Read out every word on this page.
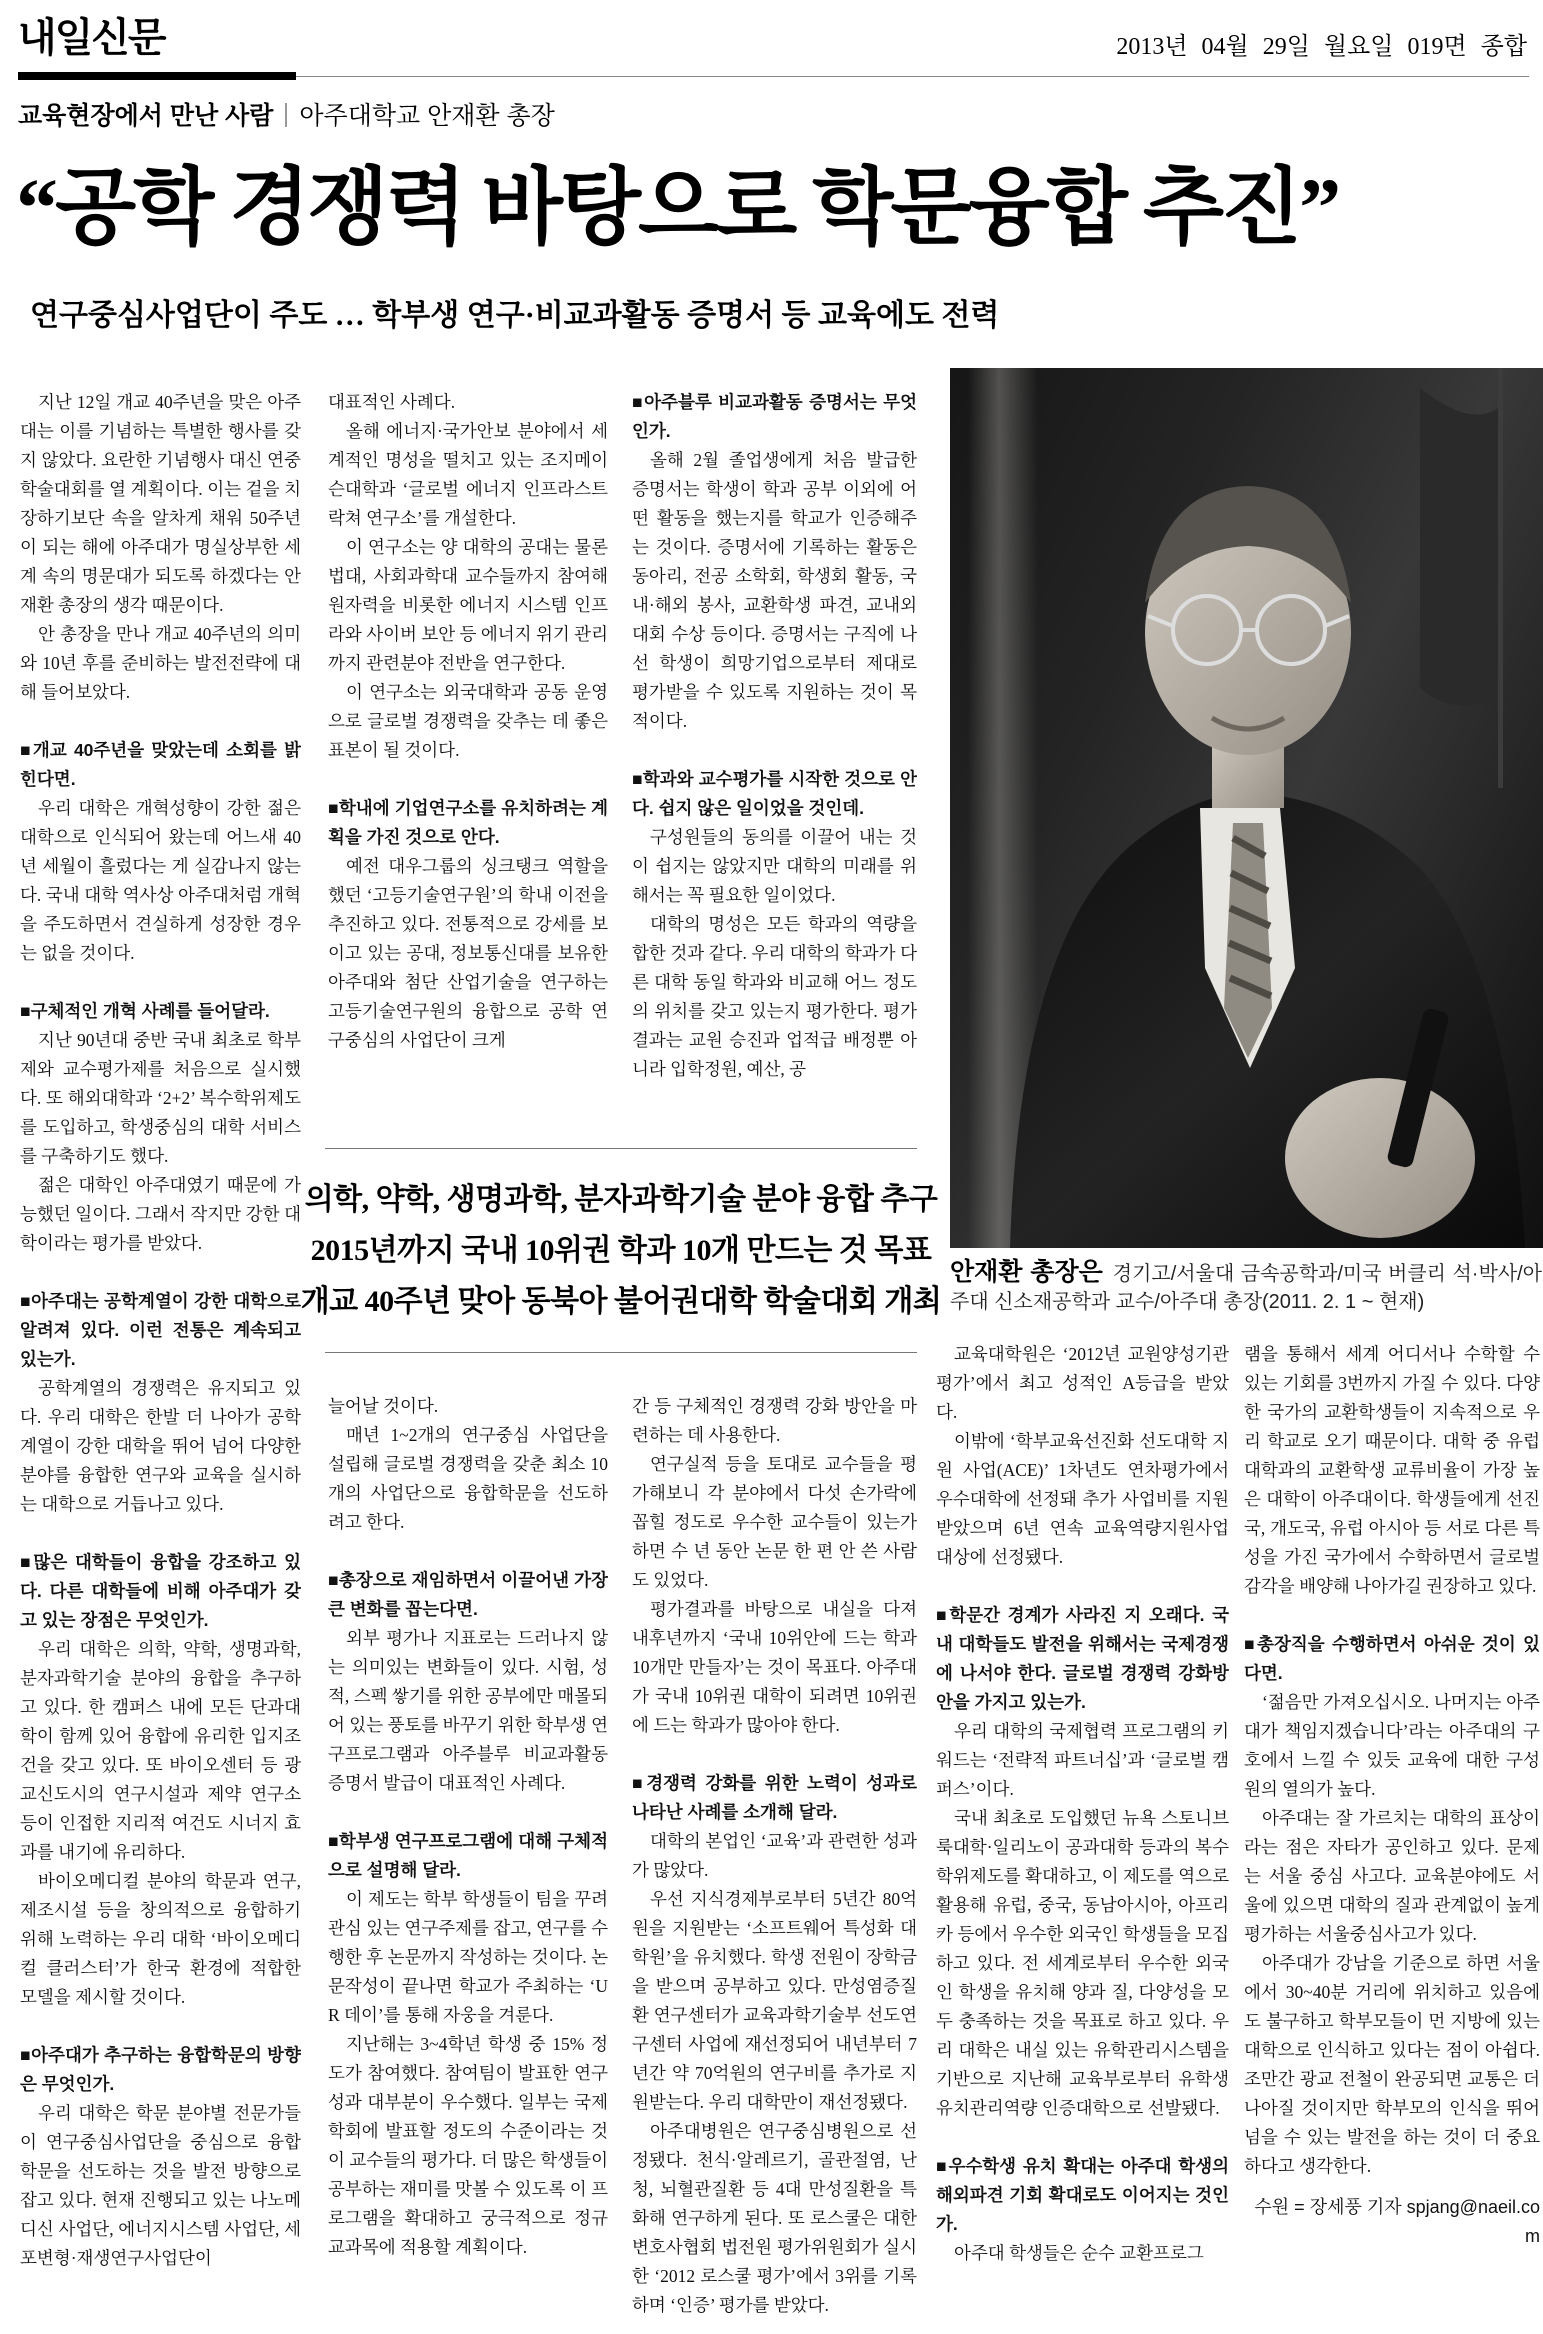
내일신문	2013년 04월 29일 월요일 019면 종합
교육현장에서 만난 사람 아주대학교 안재환 총장
“공학 경쟁력 바탕으로 학문융합 추진”
연구중심사업단이 주도 … 학부생 연구·비교과활동 증명서 등 교육에도 전력
안재환 총장은 경기고/서울대 금속공학과/미국 버클리 석·박사/아주대 신소재공학과 교수/아주대 총장(2011. 2. 1 ~ 현재)
의학, 약학, 생명과학, 분자과학기술 분야 융합 추구
2015년까지 국내 10위권 학과 10개 만드는 것 목표
개교 40주년 맞아 동북아 불어권대학 학술대회 개최

지난 12일 개교 40주년을 맞은 아주대는 이를 기념하는 특별한 행사를 갖지 않았다. 요란한 기념행사 대신 연중 학술대회를 열 계획이다. 이는 겉을 치장하기보단 속을 알차게 채워 50주년이 되는 해에 아주대가 명실상부한 세계 속의 명문대가 되도록 하겠다는 안재환 총장의 생각 때문이다.

안 총장을 만나 개교 40주년의 의미와 10년 후를 준비하는 발전전략에 대해 들어보았다.

■개교 40주년을 맞았는데 소회를 밝힌다면.

우리 대학은 개혁성향이 강한 젊은 대학으로 인식되어 왔는데 어느새 40년 세월이 흘렀다는 게 실감나지 않는다. 국내 대학 역사상 아주대처럼 개혁을 주도하면서 견실하게 성장한 경우는 없을 것이다.

■구체적인 개혁 사례를 들어달라.

지난 90년대 중반 국내 최초로 학부제와 교수평가제를 처음으로 실시했다. 또 해외대학과 ‘2+2’ 복수학위제도를 도입하고, 학생중심의 대학 서비스를 구축하기도 했다.

젊은 대학인 아주대였기 때문에 가능했던 일이다. 그래서 작지만 강한 대학이라는 평가를 받았다.

■아주대는 공학계열이 강한 대학으로 알려져 있다. 이런 전통은 계속되고 있는가.

공학계열의 경쟁력은 유지되고 있다. 우리 대학은 한발 더 나아가 공학계열이 강한 대학을 뛰어 넘어 다양한 분야를 융합한 연구와 교육을 실시하는 대학으로 거듭나고 있다.

■많은 대학들이 융합을 강조하고 있다. 다른 대학들에 비해 아주대가 갖고 있는 장점은 무엇인가.

우리 대학은 의학, 약학, 생명과학, 분자과학기술 분야의 융합을 추구하고 있다. 한 캠퍼스 내에 모든 단과대학이 함께 있어 융합에 유리한 입지조건을 갖고 있다. 또 바이오센터 등 광교신도시의 연구시설과 제약 연구소 등이 인접한 지리적 여건도 시너지 효과를 내기에 유리하다.

바이오메디컬 분야의 학문과 연구, 제조시설 등을 창의적으로 융합하기 위해 노력하는 우리 대학 ‘바이오메디컬 클러스터’가 한국 환경에 적합한 모델을 제시할 것이다.

■아주대가 추구하는 융합학문의 방향은 무엇인가.

우리 대학은 학문 분야별 전문가들이 연구중심사업단을 중심으로 융합학문을 선도하는 것을 발전 방향으로 잡고 있다. 현재 진행되고 있는 나노메디신 사업단, 에너지시스템 사업단, 세포변형·재생연구사업단이

대표적인 사례다.

올해 에너지·국가안보 분야에서 세계적인 명성을 떨치고 있는 조지메이슨대학과 ‘글로벌 에너지 인프라스트락쳐 연구소’를 개설한다.

이 연구소는 양 대학의 공대는 물론 법대, 사회과학대 교수들까지 참여해 원자력을 비롯한 에너지 시스템 인프라와 사이버 보안 등 에너지 위기 관리까지 관련분야 전반을 연구한다.

이 연구소는 외국대학과 공동 운영으로 글로벌 경쟁력을 갖추는 데 좋은 표본이 될 것이다.

■학내에 기업연구소를 유치하려는 계획을 가진 것으로 안다.

예전 대우그룹의 싱크탱크 역할을 했던 ‘고등기술연구원’의 학내 이전을 추진하고 있다. 전통적으로 강세를 보이고 있는 공대, 정보통신대를 보유한 아주대와 첨단 산업기술을 연구하는 고등기술연구원의 융합으로 공학 연구중심의 사업단이 크게

■아주블루 비교과활동 증명서는 무엇인가.

올해 2월 졸업생에게 처음 발급한 증명서는 학생이 학과 공부 이외에 어떤 활동을 했는지를 학교가 인증해주는 것이다. 증명서에 기록하는 활동은 동아리, 전공 소학회, 학생회 활동, 국내·해외 봉사, 교환학생 파견, 교내외 대회 수상 등이다. 증명서는 구직에 나선 학생이 희망기업으로부터 제대로 평가받을 수 있도록 지원하는 것이 목적이다.

■학과와 교수평가를 시작한 것으로 안다. 쉽지 않은 일이었을 것인데.

구성원들의 동의를 이끌어 내는 것이 쉽지는 않았지만 대학의 미래를 위해서는 꼭 필요한 일이었다.

대학의 명성은 모든 학과의 역량을 합한 것과 같다. 우리 대학의 학과가 다른 대학 동일 학과와 비교해 어느 정도의 위치를 갖고 있는지 평가한다. 평가 결과는 교원 승진과 업적급 배정뿐 아니라 입학정원, 예산, 공

늘어날 것이다.

매년 1~2개의 연구중심 사업단을 설립해 글로벌 경쟁력을 갖춘 최소 10개의 사업단으로 융합학문을 선도하려고 한다.

■총장으로 재임하면서 이끌어낸 가장 큰 변화를 꼽는다면.

외부 평가나 지표로는 드러나지 않는 의미있는 변화들이 있다. 시험, 성적, 스펙 쌓기를 위한 공부에만 매몰되어 있는 풍토를 바꾸기 위한 학부생 연구프로그램과 아주블루 비교과활동 증명서 발급이 대표적인 사례다.

■학부생 연구프로그램에 대해 구체적으로 설명해 달라.

이 제도는 학부 학생들이 팀을 꾸려 관심 있는 연구주제를 잡고, 연구를 수행한 후 논문까지 작성하는 것이다. 논문작성이 끝나면 학교가 주최하는 ‘UR 데이’를 통해 자웅을 겨룬다.

지난해는 3~4학년 학생 중 15% 정도가 참여했다. 참여팀이 발표한 연구성과 대부분이 우수했다. 일부는 국제 학회에 발표할 정도의 수준이라는 것이 교수들의 평가다. 더 많은 학생들이 공부하는 재미를 맛볼 수 있도록 이 프로그램을 확대하고 궁극적으로 정규 교과목에 적용할 계획이다.

간 등 구체적인 경쟁력 강화 방안을 마련하는 데 사용한다.

연구실적 등을 토대로 교수들을 평가해보니 각 분야에서 다섯 손가락에 꼽힐 정도로 우수한 교수들이 있는가 하면 수 년 동안 논문 한 편 안 쓴 사람도 있었다.

평가결과를 바탕으로 내실을 다져 내후년까지 ‘국내 10위안에 드는 학과 10개만 만들자’는 것이 목표다. 아주대가 국내 10위권 대학이 되려면 10위권에 드는 학과가 많아야 한다.

■경쟁력 강화를 위한 노력이 성과로 나타난 사례를 소개해 달라.

대학의 본업인 ‘교육’과 관련한 성과가 많았다.

우선 지식경제부로부터 5년간 80억원을 지원받는 ‘소프트웨어 특성화 대학원’을 유치했다. 학생 전원이 장학금을 받으며 공부하고 있다. 만성염증질환 연구센터가 교육과학기술부 선도연구센터 사업에 재선정되어 내년부터 7년간 약 70억원의 연구비를 추가로 지원받는다. 우리 대학만이 재선정됐다.

아주대병원은 연구중심병원으로 선정됐다. 천식·알레르기, 골관절염, 난청, 뇌혈관질환 등 4대 만성질환을 특화해 연구하게 된다. 또 로스쿨은 대한변호사협회 법전원 평가위원회가 실시한 ‘2012 로스쿨 평가’에서 3위를 기록하며 ‘인증’ 평가를 받았다.

교육대학원은 ‘2012년 교원양성기관 평가’에서 최고 성적인 A등급을 받았다.

이밖에 ‘학부교육선진화 선도대학 지원 사업(ACE)’ 1차년도 연차평가에서 우수대학에 선정돼 추가 사업비를 지원받았으며 6년 연속 교육역량지원사업 대상에 선정됐다.

■학문간 경계가 사라진 지 오래다. 국내 대학들도 발전을 위해서는 국제경쟁에 나서야 한다. 글로벌 경쟁력 강화방안을 가지고 있는가.

우리 대학의 국제협력 프로그램의 키워드는 ‘전략적 파트너십’과 ‘글로벌 캠퍼스’이다.

국내 최초로 도입했던 뉴욕 스토니브룩대학·일리노이 공과대학 등과의 복수학위제도를 확대하고, 이 제도를 역으로 활용해 유럽, 중국, 동남아시아, 아프리카 등에서 우수한 외국인 학생들을 모집하고 있다. 전 세계로부터 우수한 외국인 학생을 유치해 양과 질, 다양성을 모두 충족하는 것을 목표로 하고 있다. 우리 대학은 내실 있는 유학관리시스템을 기반으로 지난해 교육부로부터 유학생유치관리역량 인증대학으로 선발됐다.

■우수학생 유치 확대는 아주대 학생의 해외파견 기회 확대로도 이어지는 것인가.

아주대 학생들은 순수 교환프로그

램을 통해서 세계 어디서나 수학할 수 있는 기회를 3번까지 가질 수 있다. 다양한 국가의 교환학생들이 지속적으로 우리 학교로 오기 때문이다. 대학 중 유럽대학과의 교환학생 교류비율이 가장 높은 대학이 아주대이다. 학생들에게 선진국, 개도국, 유럽 아시아 등 서로 다른 특성을 가진 국가에서 수학하면서 글로벌 감각을 배양해 나아가길 권장하고 있다.

■총장직을 수행하면서 아쉬운 것이 있다면.

‘젊음만 가져오십시오. 나머지는 아주대가 책임지겠습니다’라는 아주대의 구호에서 느낄 수 있듯 교육에 대한 구성원의 열의가 높다.

아주대는 잘 가르치는 대학의 표상이라는 점은 자타가 공인하고 있다. 문제는 서울 중심 사고다. 교육분야에도 서울에 있으면 대학의 질과 관계없이 높게 평가하는 서울중심사고가 있다.

아주대가 강남을 기준으로 하면 서울에서 30~40분 거리에 위치하고 있음에도 불구하고 학부모들이 먼 지방에 있는 대학으로 인식하고 있다는 점이 아쉽다. 조만간 광교 전철이 완공되면 교통은 더 나아질 것이지만 학부모의 인식을 뛰어넘을 수 있는 발전을 하는 것이 더 중요하다고 생각한다.

수원 = 장세풍 기자 spjang@naeil.com
